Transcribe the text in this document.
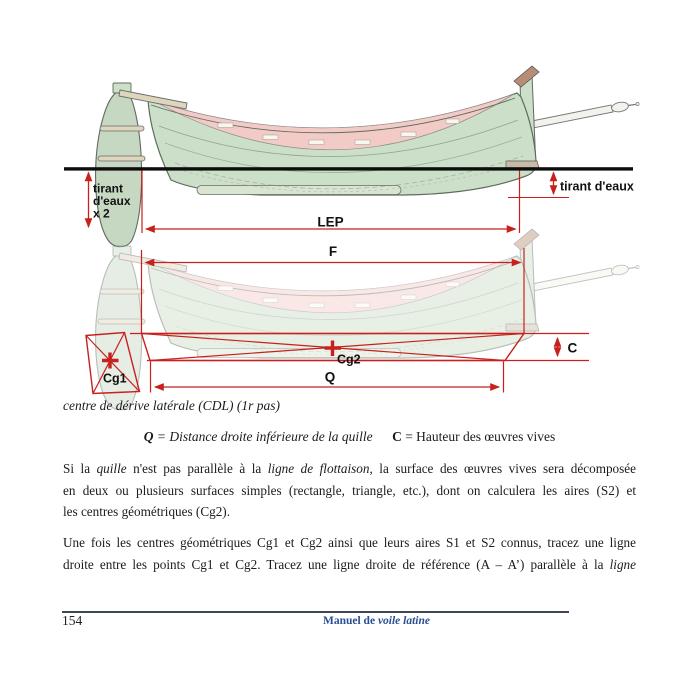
LEP
tirant
d'eaux
x 2
tirant d'eaux
F
C
Cg2
Cg1	Q
centre de dérive latérale (CDL) (1r pas)
Q = Distance droite inférieure de la quille C = Hauteur des œuvres vives
Si la quille n'est pas parallèle à la ligne de flottaison, la surface des œuvres vives sera décomposée
en deux ou plusieurs surfaces simples (rectangle, triangle, etc.), dont on calculera les aires (S2) et
les centres géométriques (Cg2).
Une fois les centres géométriques Cg1 et Cg2 ainsi que leurs aires S1 et S2 connus, tracez une ligne
droite entre les points Cg1 et Cg2. Tracez une ligne droite de référence (A – A’) parallèle à la ligne
154	Manuel de voile latine
